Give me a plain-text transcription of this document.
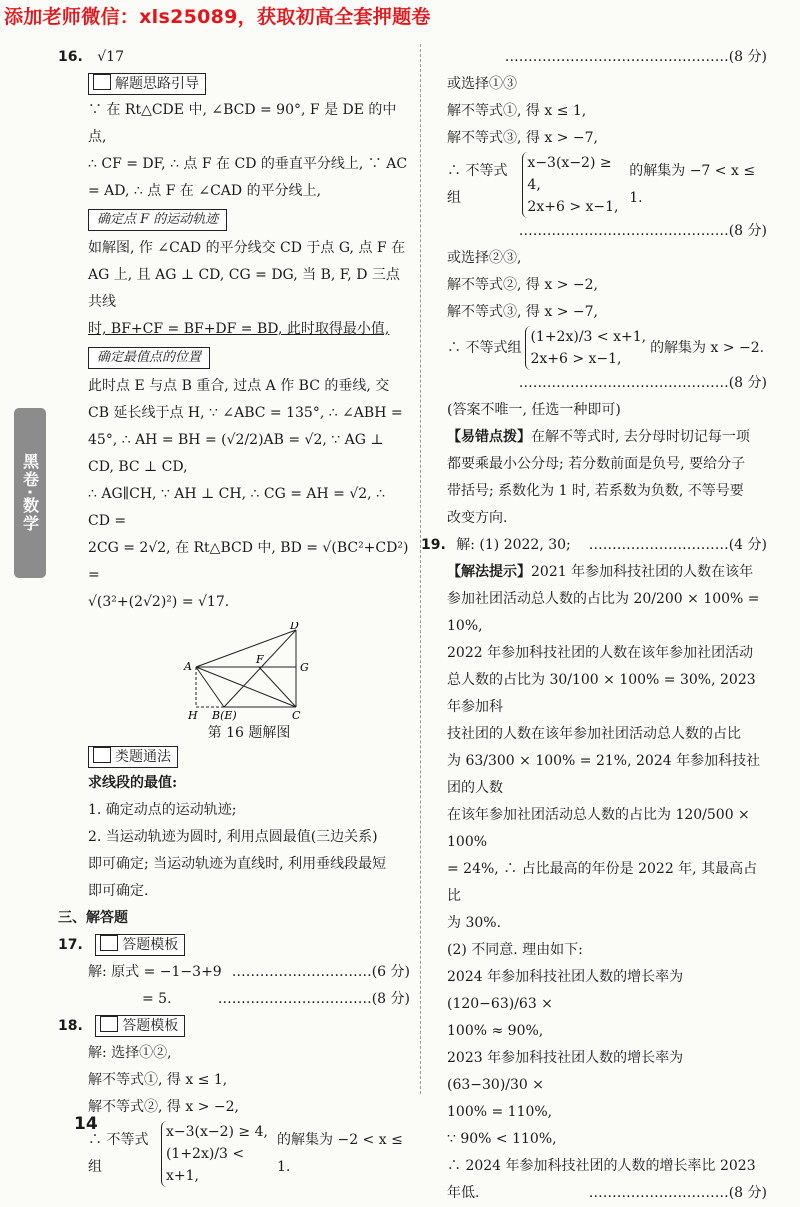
添加老师微信：xls25089，获取初高全套押题卷
黑卷·数学

16. √17

解题思路引导

∵ 在 Rt△CDE 中, ∠BCD = 90°, F 是 DE 的中点,

∴ CF = DF, ∴ 点 F 在 CD 的垂直平分线上, ∵ AC

= AD, ∴ 点 F 在 ∠CAD 的平分线上,

确定点 F 的运动轨迹

如解图, 作 ∠CAD 的平分线交 CD 于点 G, 点 F 在

AG 上, 且 AG ⊥ CD, CG = DG, 当 B, F, D 三点共线

时, BF+CF = BF+DF = BD, 此时取得最小值,

确定最值点的位置

此时点 E 与点 B 重合, 过点 A 作 BC 的垂线, 交

CB 延长线于点 H, ∵ ∠ABC = 135°, ∴ ∠ABH =

45°, ∴ AH = BH = (√2/2)AB = √2, ∵ AG ⊥ CD, BC ⊥ CD,

∴ AG∥CH, ∵ AH ⊥ CH, ∴ CG = AH = √2, ∴ CD =

2CG = 2√2, 在 Rt△BCD 中, BD = √(BC²+CD²) =

√(3²+(2√2)²) = √17.

D
A
F
G
H B(E)	C
第 16 题解图
类题通法

求线段的最值:

1. 确定动点的运动轨迹;

2. 当运动轨迹为圆时, 利用点圆最值(三边关系)

即可确定; 当运动轨迹为直线时, 利用垂线段最短

即可确定.

三、解答题

17.	答题模板

解: 原式 = −1−3+9 …………………………(6 分)

= 5.	……………………………(8 分)

18.	答题模板

解: 选择①②,

解不等式①, 得 x ≤ 1,

解不等式②, 得 x > −2,

∴ 不等式组
x−3(x−2) ≥ 4,
(1+2x)/3 < x+1,
的解集为 −2 < x ≤ 1.

…………………………………………(8 分)

或选择①③

解不等式①, 得 x ≤ 1,

解不等式③, 得 x > −7,

∴ 不等式组
x−3(x−2) ≥ 4,
2x+6 > x−1,
的解集为 −7 < x ≤ 1.

………………………………………(8 分)

或选择②③,

解不等式②, 得 x > −2,

解不等式③, 得 x > −7,

∴ 不等式组
(1+2x)/3 < x+1,
2x+6 > x−1,
的解集为 x > −2.

………………………………………(8 分)

(答案不唯一, 任选一种即可)

【易错点拨】在解不等式时, 去分母时切记每一项

都要乘最小公分母; 若分数前面是负号, 要给分子

带括号; 系数化为 1 时, 若系数为负数, 不等号要

改变方向.

19. 解: (1) 2022, 30; …………………………(4 分)

【解法提示】2021 年参加科技社团的人数在该年

参加社团活动总人数的占比为 20/200 × 100% = 10%,

2022 年参加科技社团的人数在该年参加社团活动

总人数的占比为 30/100 × 100% = 30%, 2023 年参加科

技社团的人数在该年参加社团活动总人数的占比

为 63/300 × 100% = 21%, 2024 年参加科技社团的人数

在该年参加社团活动总人数的占比为 120/500 × 100%

= 24%, ∴ 占比最高的年份是 2022 年, 其最高占比

为 30%.

(2) 不同意. 理由如下:

2024 年参加科技社团人数的增长率为 (120−63)/63 ×

100% ≈ 90%,

2023 年参加科技社团人数的增长率为 (63−30)/30 ×

100% = 110%,

∵ 90% < 110%,

∴ 2024 年参加科技社团的人数的增长率比 2023

年低.	…………………………(8 分)

14
